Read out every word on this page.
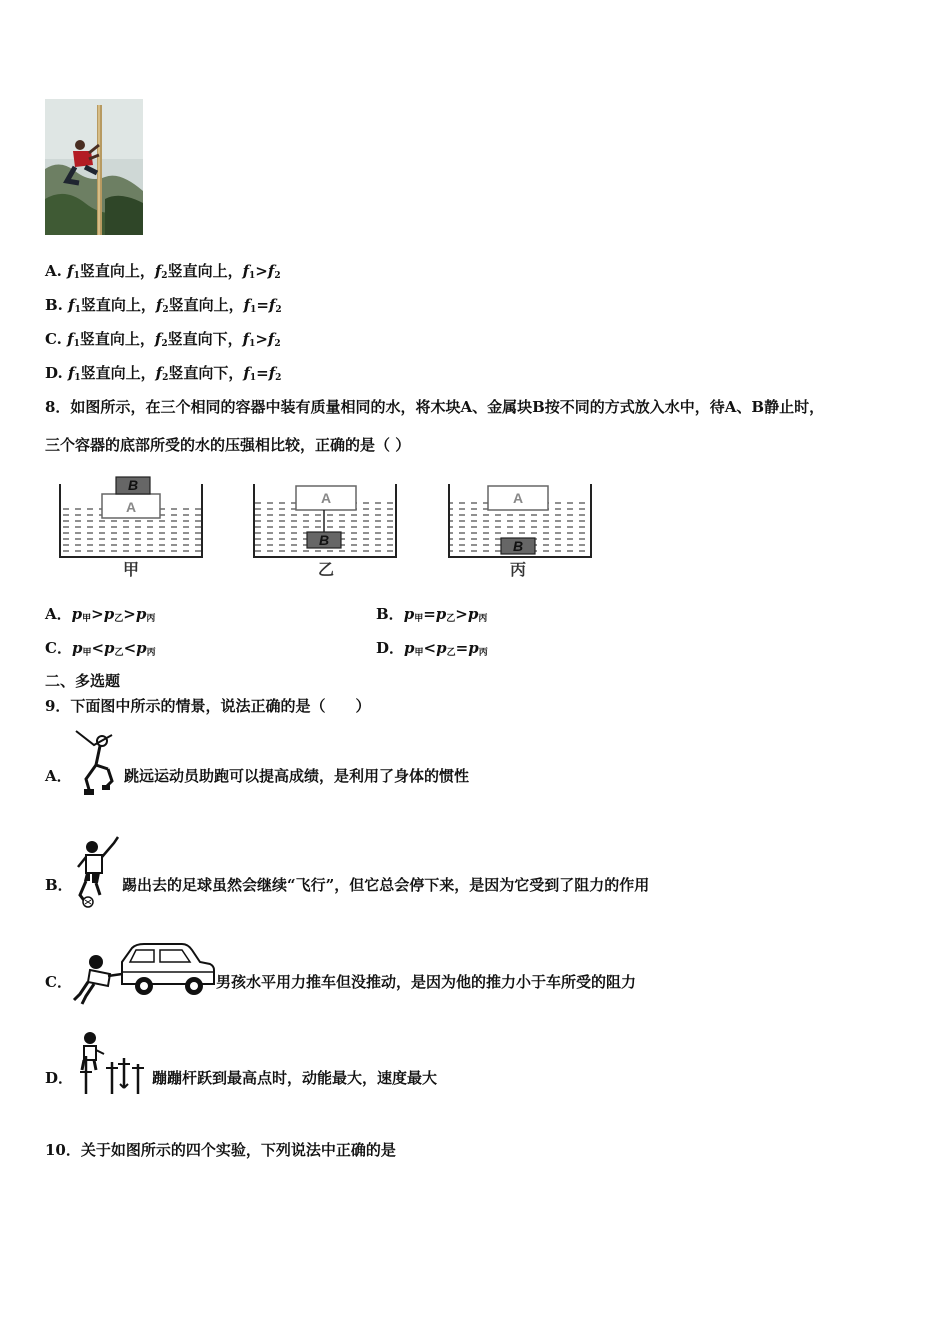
A. f1竖直向上，f2竖直向上，f1>f2
B. f1竖直向上，f2竖直向上，f1=f2
C. f1竖直向上，f2竖直向下，f1>f2
D. f1竖直向上，f2竖直向下，f1=f2
8．如图所示，在三个相同的容器中装有质量相同的水，将木块A、金属块B按不同的方式放入水中，待A、B静止时，
三个容器的底部所受的水的压强相比较，正确的是（ ）
A
B
甲
A
B
乙
A
B
丙
A．p甲>p乙>p丙	B．p甲=p乙>p丙
C．p甲<p乙<p丙	D．p甲<p乙=p丙
二、多选题
9．下面图中所示的情景，说法正确的是（　　）
A．	跳远运动员助跑可以提高成绩，是利用了身体的惯性
B．	踢出去的足球虽然会继续“飞行”，但它总会停下来，是因为它受到了阻力的作用
C．	男孩水平用力推车但没推动，是因为他的推力小于车所受的阻力
D．	蹦蹦杆跃到最高点时，动能最大，速度最大
10．关于如图所示的四个实验，下列说法中正确的是
